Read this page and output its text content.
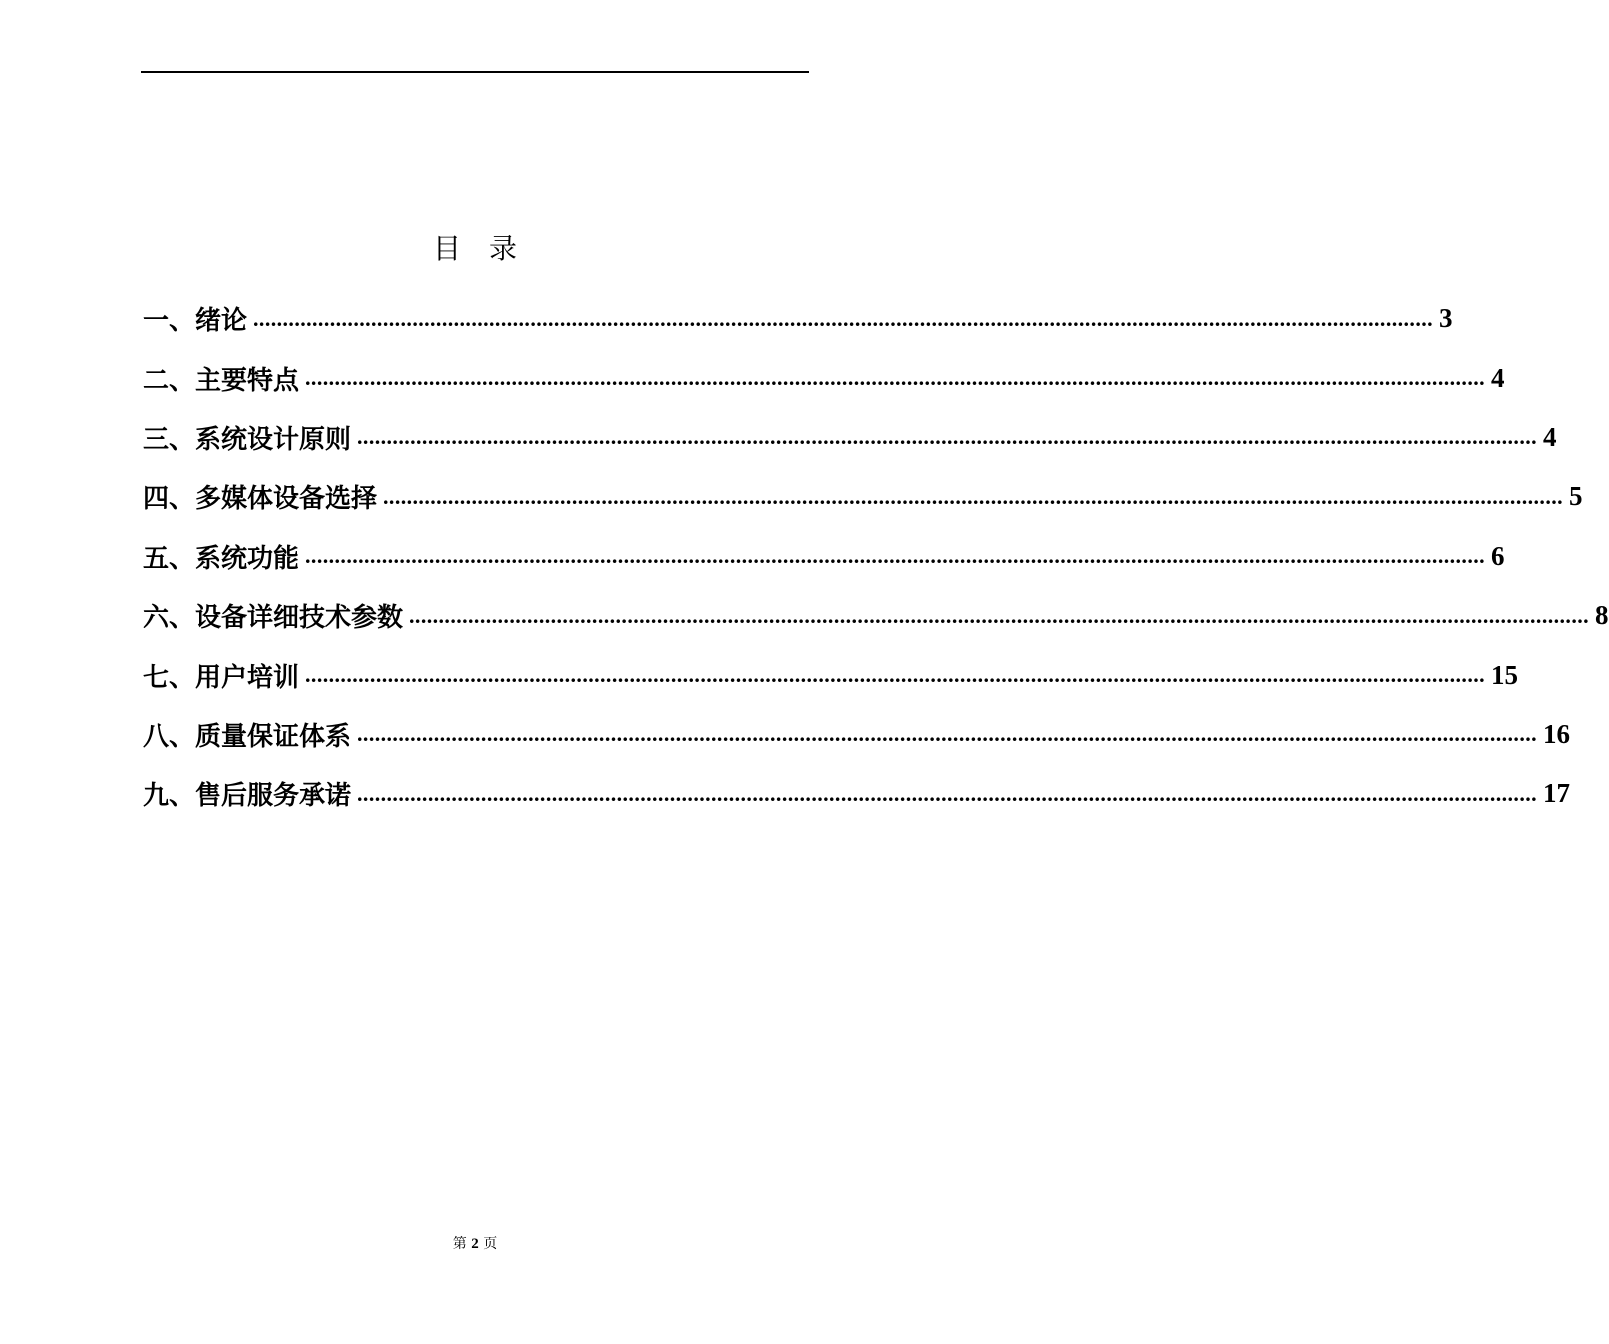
目录
一、绪论 ........................................................................................................................................................................................................ 3
二、主要特点 ........................................................................................................................................................................................................ 4
三、系统设计原则 ........................................................................................................................................................................................................ 4
四、多媒体设备选择 ........................................................................................................................................................................................................ 5
五、系统功能 ........................................................................................................................................................................................................ 6
六、设备详细技术参数 ........................................................................................................................................................................................................ 8
七、用户培训 ........................................................................................................................................................................................................ 15
八、质量保证体系 ........................................................................................................................................................................................................ 16
九、售后服务承诺 ........................................................................................................................................................................................................ 17
第 2 页
